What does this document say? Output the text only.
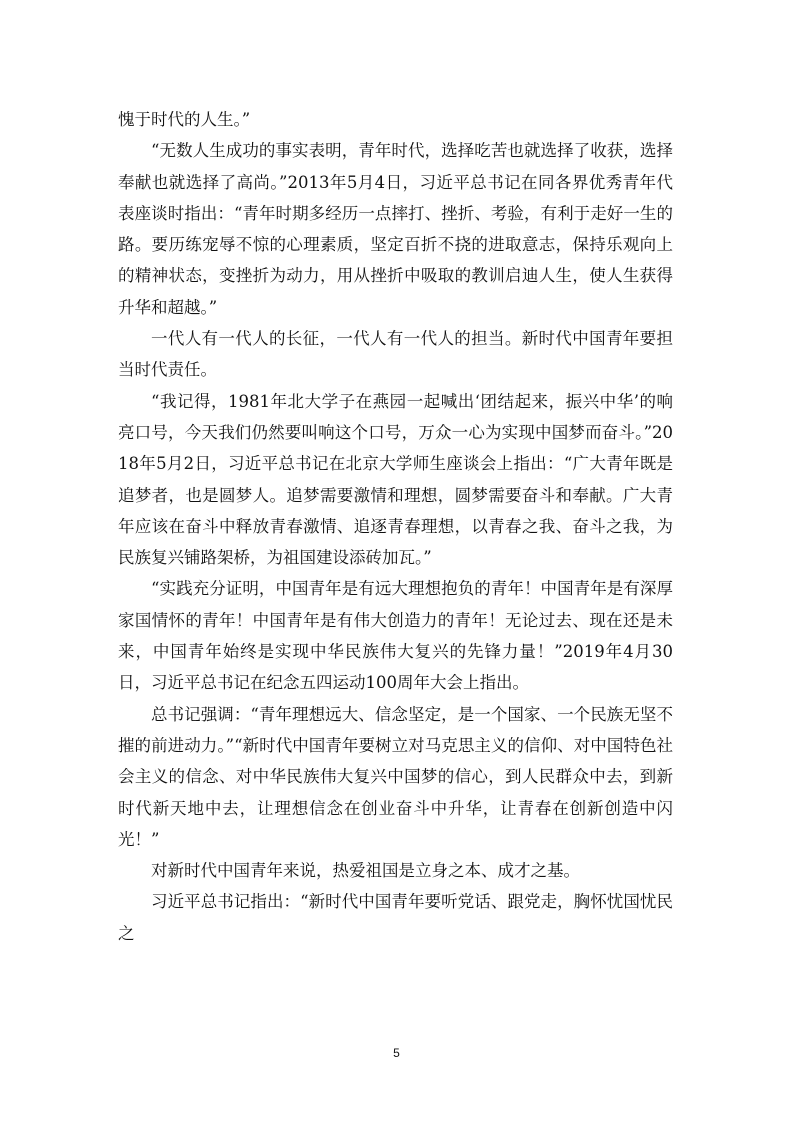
愧于时代的人生。”

“无数人生成功的事实表明，青年时代，选择吃苦也就选择了收获，选择奉献也就选择了高尚。”2013年5月4日，习近平总书记在同各界优秀青年代表座谈时指出：“青年时期多经历一点摔打、挫折、考验，有利于走好一生的路。要历练宠辱不惊的心理素质，坚定百折不挠的进取意志，保持乐观向上的精神状态，变挫折为动力，用从挫折中吸取的教训启迪人生，使人生获得升华和超越。”

一代人有一代人的长征，一代人有一代人的担当。新时代中国青年要担当时代责任。

“我记得，1981年北大学子在燕园一起喊出‘团结起来，振兴中华’的响亮口号，今天我们仍然要叫响这个口号，万众一心为实现中国梦而奋斗。”2018年5月2日，习近平总书记在北京大学师生座谈会上指出：“广大青年既是追梦者，也是圆梦人。追梦需要激情和理想，圆梦需要奋斗和奉献。广大青年应该在奋斗中释放青春激情、追逐青春理想，以青春之我、奋斗之我，为民族复兴铺路架桥，为祖国建设添砖加瓦。”

“实践充分证明，中国青年是有远大理想抱负的青年！中国青年是有深厚家国情怀的青年！中国青年是有伟大创造力的青年！无论过去、现在还是未来，中国青年始终是实现中华民族伟大复兴的先锋力量！”2019年4月30日，习近平总书记在纪念五四运动100周年大会上指出。

总书记强调：“青年理想远大、信念坚定，是一个国家、一个民族无坚不摧的前进动力。”“新时代中国青年要树立对马克思主义的信仰、对中国特色社会主义的信念、对中华民族伟大复兴中国梦的信心，到人民群众中去，到新时代新天地中去，让理想信念在创业奋斗中升华，让青春在创新创造中闪光！”

对新时代中国青年来说，热爱祖国是立身之本、成才之基。

习近平总书记指出：“新时代中国青年要听党话、跟党走，胸怀忧国忧民之

5
